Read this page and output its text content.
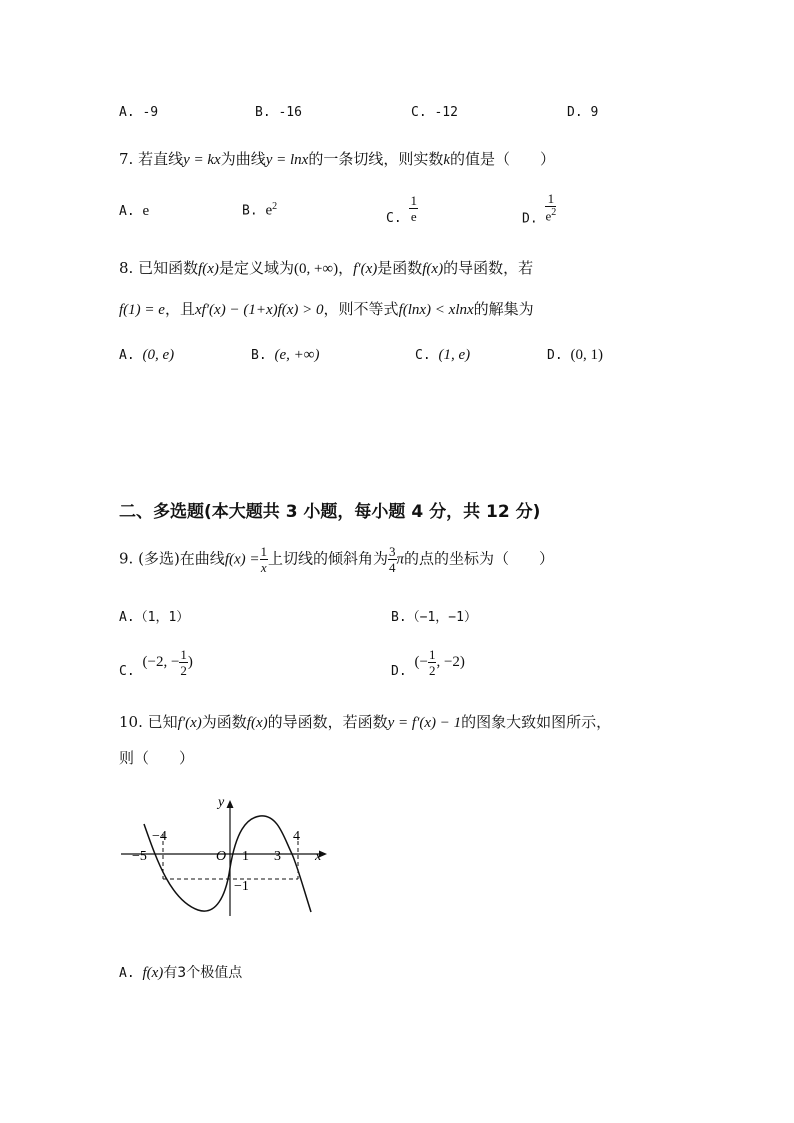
A. -9	B. -16	C. -12	D. 9
7. 若直线y = kx为曲线y = lnx的一条切线，则实数k的值是（　　）
A. e	B. $e^2$
C. $\frac{1}{e}$	D. $\frac{1}{e^2}$
8. 已知函数f(x)是定义域为(0, +∞)，f′(x)是函数f(x)的导函数，若
f(1) = e，且xf′(x) − (1+x)f(x) > 0，则不等式f(lnx) < xlnx的解集为
A. (0, e)	B. (e, +∞)	C. (1, e)	D. (0, 1)
二、多选题(本大题共 3 小题，每小题 4 分，共 12 分)
9. (多选)在曲线$f(x) = \frac{1}{x}$ 上切线的倾斜角为 $\frac{3}{4}$ π的点的坐标为（　　）
A.（1，1）	B.（−1，−1）
C. (−2, − $\frac{1}{2}$ )
D. (− $\frac{1}{2}$ , −2)
10. 已知f′(x)为函数f(x)的导函数，若函数y = f′(x) − 1的图象大致如图所示，
则（　　）
y
x
O
−5
−4
1 3
4
−1
A. f(x)有3个极值点
